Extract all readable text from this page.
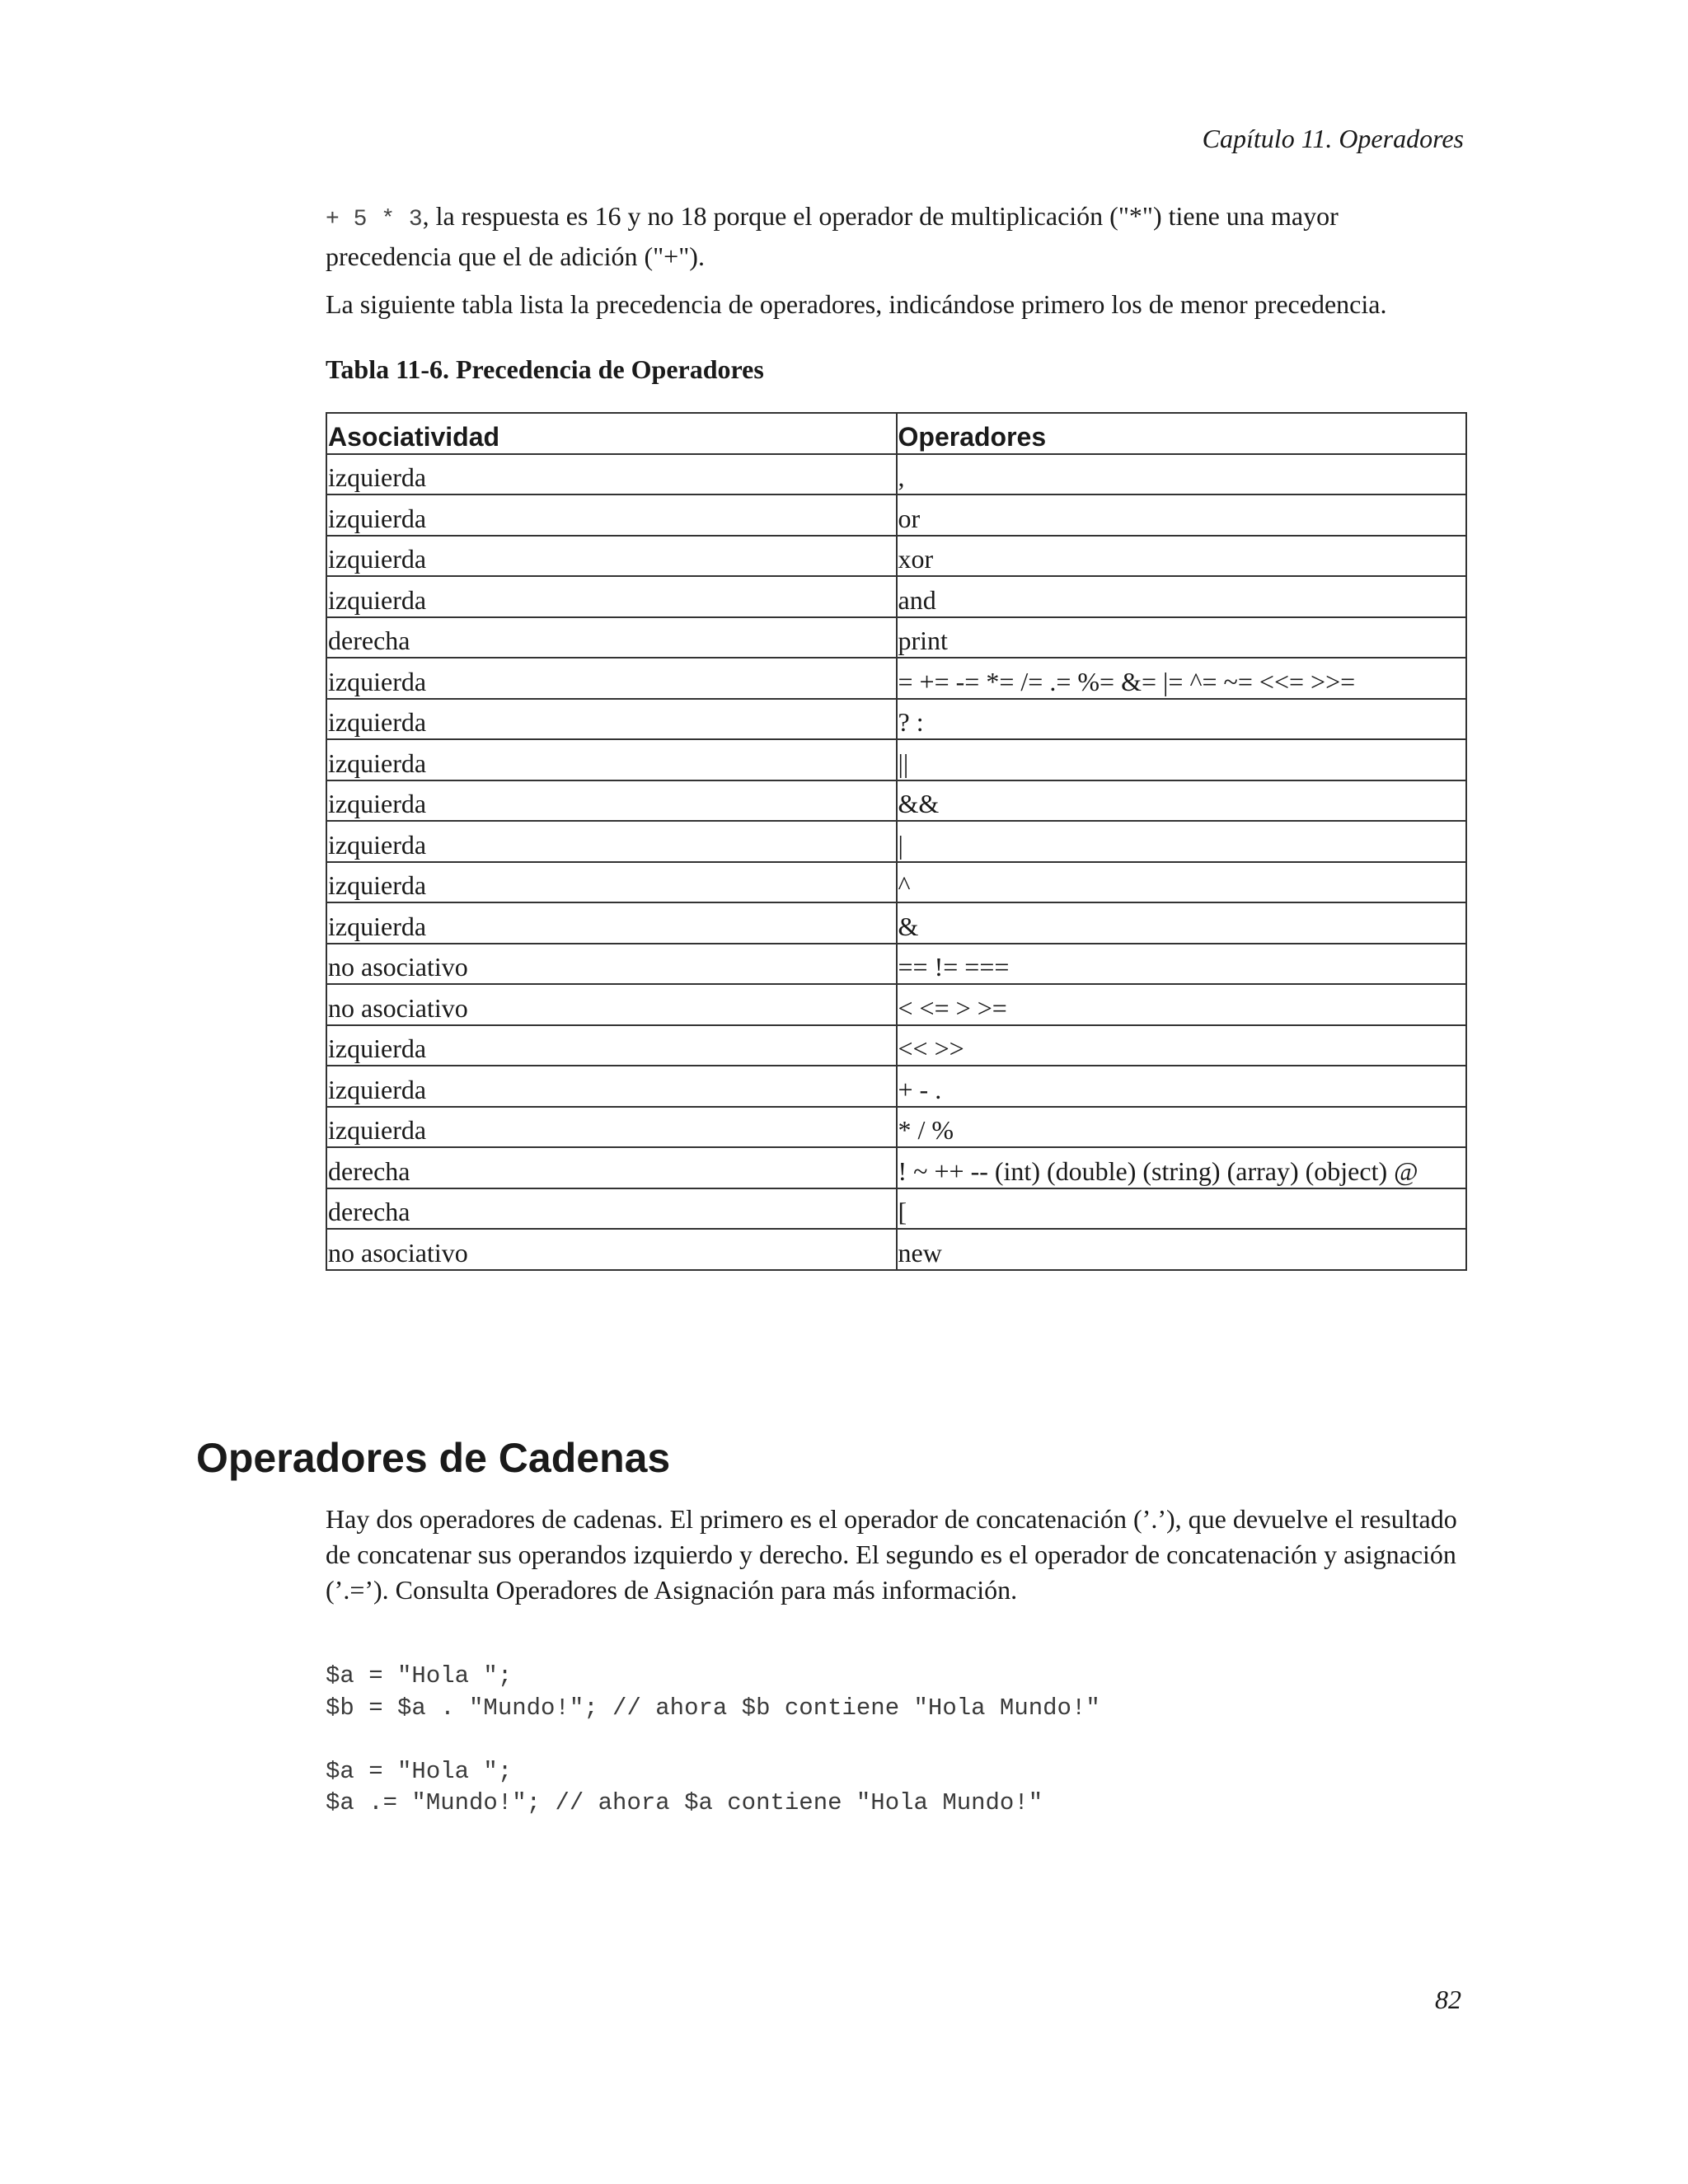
Capítulo 11. Operadores

+ 5 * 3, la respuesta es 16 y no 18 porque el operador de multiplicación ("*") tiene una mayor precedencia que el de adición ("+").

La siguiente tabla lista la precedencia de operadores, indicándose primero los de menor precedencia.

Tabla 11-6. Precedencia de Operadores
Asociatividad	Operadores
izquierda	,
izquierda	or
izquierda	xor
izquierda	and
derecha	print
izquierda	= += -= *= /= .= %= &= |= ^= ~= <<= >>=
izquierda	? :
izquierda	||
izquierda	&&
izquierda	|
izquierda	^
izquierda	&
no asociativo	== != ===
no asociativo	< <= > >=
izquierda	<< >>
izquierda	+ - .
izquierda	* / %
derecha	! ~ ++ -- (int) (double) (string) (array) (object) @
derecha	[
no asociativo	new
Operadores de Cadenas

Hay dos operadores de cadenas. El primero es el operador de concatenación (’.’), que devuelve el resultado de concatenar sus operandos izquierdo y derecho. El segundo es el operador de concatenación y asignación (’.=’). Consulta Operadores de Asignación para más información.

$a = "Hola ";
$b = $a . "Mundo!"; // ahora $b contiene "Hola Mundo!"

$a = "Hola ";
$a .= "Mundo!"; // ahora $a contiene "Hola Mundo!"
82
